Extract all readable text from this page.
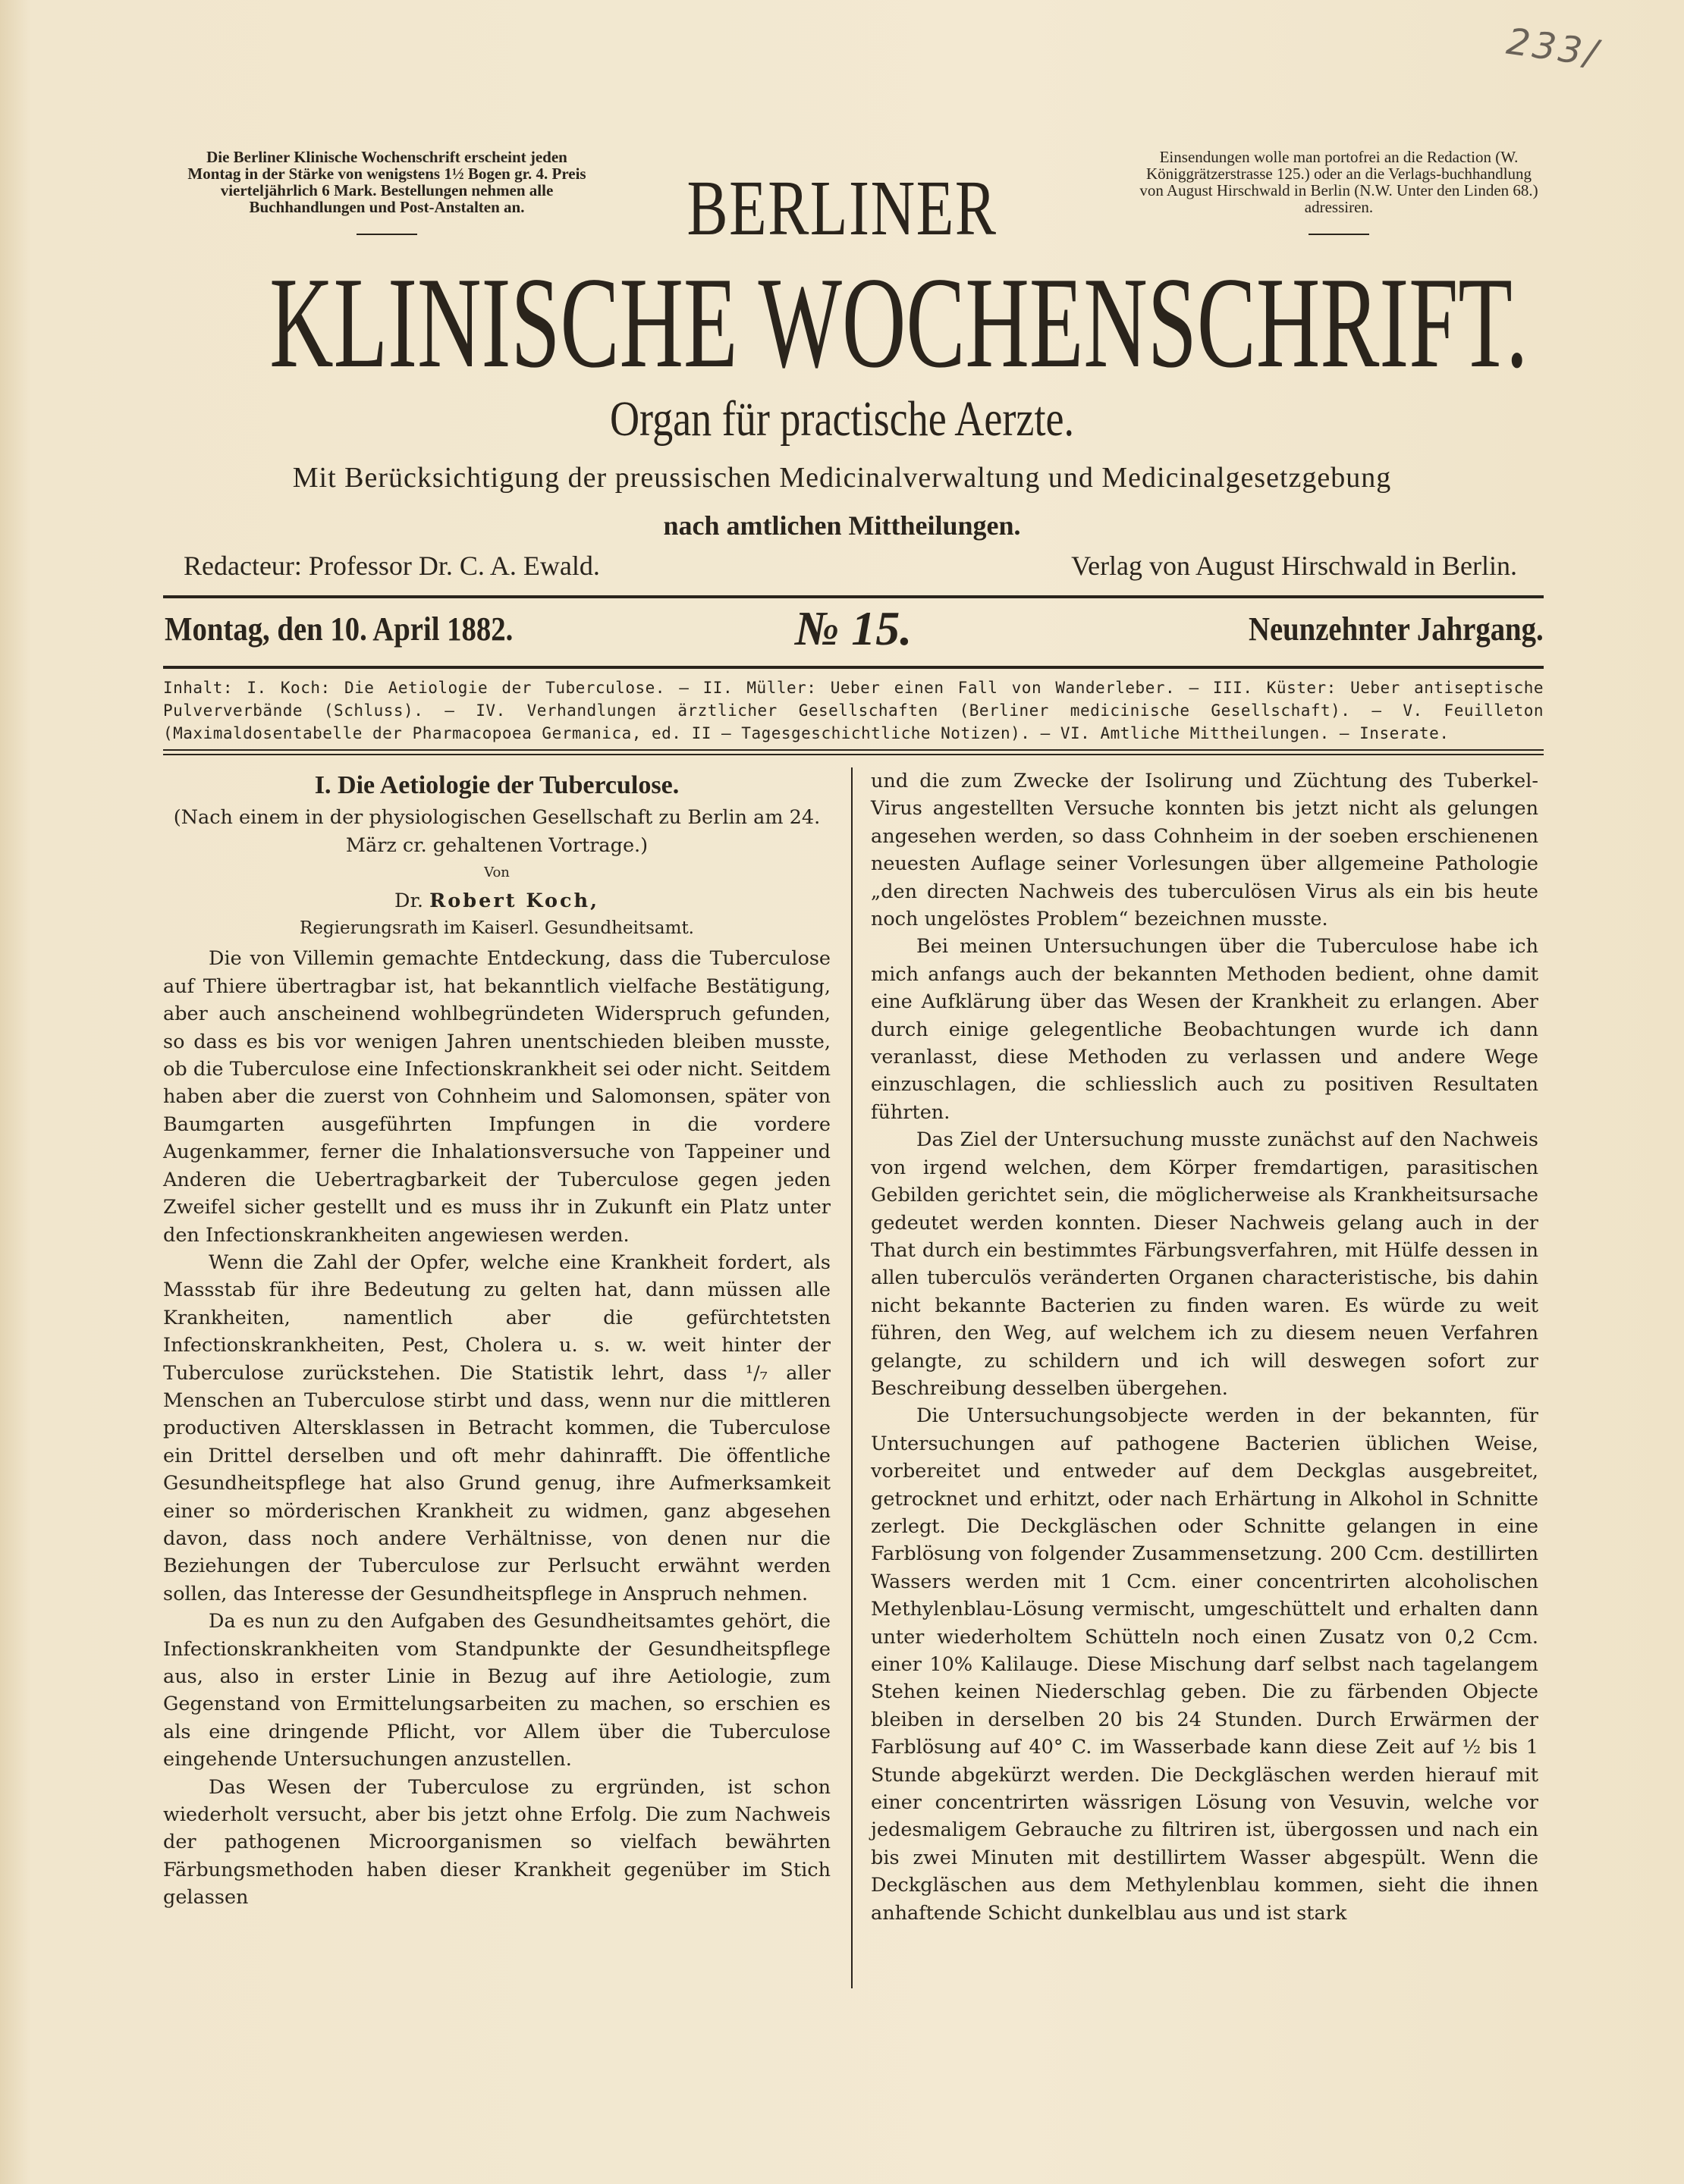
233/
Die Berliner Klinische Wochenschrift erscheint jeden Montag in der Stärke von wenigstens 1½ Bogen gr. 4. Preis vierteljährlich 6 Mark. Bestellungen nehmen alle Buchhandlungen und Post-Anstalten an.
Einsendungen wolle man portofrei an die Redaction (W. Königgrätzerstrasse 125.) oder an die Verlags-buchhandlung von August Hirschwald in Berlin (N.W. Unter den Linden 68.) adressiren.
BERLINER
KLINISCHE WOCHENSCHRIFT.
Organ für practische Aerzte.
Mit Berücksichtigung der preussischen Medicinalverwaltung und Medicinalgesetzgebung
nach amtlichen Mittheilungen.
Redacteur: Professor Dr. C. A. Ewald.	Verlag von August Hirschwald in Berlin.
Montag, den 10. April 1882.	№ 15.	Neunzehnter Jahrgang.
Inhalt: I. Koch: Die Aetiologie der Tuberculose. — II. Müller: Ueber einen Fall von Wanderleber. — III. Küster: Ueber antiseptische Pulververbände (Schluss). — IV. Verhandlungen ärztlicher Gesellschaften (Berliner medicinische Gesellschaft). — V. Feuilleton (Maximaldosentabelle der Pharmacopoea Germanica, ed. II — Tagesgeschichtliche Notizen). — VI. Amtliche Mittheilungen. — Inserate.
I. Die Aetiologie der Tuberculose.

(Nach einem in der physiologischen Gesellschaft zu Berlin am 24. März cr. gehaltenen Vortrage.)

Von

Dr. Robert Koch,

Regierungsrath im Kaiserl. Gesundheitsamt.

Die von Villemin gemachte Entdeckung, dass die Tuberculose auf Thiere übertragbar ist, hat bekanntlich vielfache Bestätigung, aber auch anscheinend wohlbegründeten Widerspruch gefunden, so dass es bis vor wenigen Jahren unentschieden bleiben musste, ob die Tuberculose eine Infectionskrankheit sei oder nicht. Seitdem haben aber die zuerst von Cohnheim und Salomonsen, später von Baumgarten ausgeführten Impfungen in die vordere Augenkammer, ferner die Inhalationsversuche von Tappeiner und Anderen die Uebertragbarkeit der Tuberculose gegen jeden Zweifel sicher gestellt und es muss ihr in Zukunft ein Platz unter den Infectionskrankheiten angewiesen werden.

Wenn die Zahl der Opfer, welche eine Krankheit fordert, als Massstab für ihre Bedeutung zu gelten hat, dann müssen alle Krankheiten, namentlich aber die gefürchtetsten Infectionskrankheiten, Pest, Cholera u. s. w. weit hinter der Tuberculose zurückstehen. Die Statistik lehrt, dass ¹/₇ aller Menschen an Tuberculose stirbt und dass, wenn nur die mittleren productiven Altersklassen in Betracht kommen, die Tuberculose ein Drittel derselben und oft mehr dahinrafft. Die öffentliche Gesundheitspflege hat also Grund genug, ihre Aufmerksamkeit einer so mörderischen Krankheit zu widmen, ganz abgesehen davon, dass noch andere Verhältnisse, von denen nur die Beziehungen der Tuberculose zur Perlsucht erwähnt werden sollen, das Interesse der Gesundheitspflege in Anspruch nehmen.

Da es nun zu den Aufgaben des Gesundheitsamtes gehört, die Infectionskrankheiten vom Standpunkte der Gesundheitspflege aus, also in erster Linie in Bezug auf ihre Aetiologie, zum Gegenstand von Ermittelungsarbeiten zu machen, so erschien es als eine dringende Pflicht, vor Allem über die Tuberculose eingehende Untersuchungen anzustellen.

Das Wesen der Tuberculose zu ergründen, ist schon wiederholt versucht, aber bis jetzt ohne Erfolg. Die zum Nachweis der pathogenen Microorganismen so vielfach bewährten Färbungsmethoden haben dieser Krankheit gegenüber im Stich gelassen

und die zum Zwecke der Isolirung und Züchtung des Tuberkel-Virus angestellten Versuche konnten bis jetzt nicht als gelungen angesehen werden, so dass Cohnheim in der soeben erschienenen neuesten Auflage seiner Vorlesungen über allgemeine Pathologie „den directen Nachweis des tuberculösen Virus als ein bis heute noch ungelöstes Problem“ bezeichnen musste.

Bei meinen Untersuchungen über die Tuberculose habe ich mich anfangs auch der bekannten Methoden bedient, ohne damit eine Aufklärung über das Wesen der Krankheit zu erlangen. Aber durch einige gelegentliche Beobachtungen wurde ich dann veranlasst, diese Methoden zu verlassen und andere Wege einzuschlagen, die schliesslich auch zu positiven Resultaten führten.

Das Ziel der Untersuchung musste zunächst auf den Nachweis von irgend welchen, dem Körper fremdartigen, parasitischen Gebilden gerichtet sein, die möglicherweise als Krankheitsursache gedeutet werden konnten. Dieser Nachweis gelang auch in der That durch ein bestimmtes Färbungsverfahren, mit Hülfe dessen in allen tuberculös veränderten Organen characteristische, bis dahin nicht bekannte Bacterien zu finden waren. Es würde zu weit führen, den Weg, auf welchem ich zu diesem neuen Verfahren gelangte, zu schildern und ich will deswegen sofort zur Beschreibung desselben übergehen.

Die Untersuchungsobjecte werden in der bekannten, für Untersuchungen auf pathogene Bacterien üblichen Weise, vorbereitet und entweder auf dem Deckglas ausgebreitet, getrocknet und erhitzt, oder nach Erhärtung in Alkohol in Schnitte zerlegt. Die Deckgläschen oder Schnitte gelangen in eine Farblösung von folgender Zusammensetzung. 200 Ccm. destillirten Wassers werden mit 1 Ccm. einer concentrirten alcoholischen Methylenblau-Lösung vermischt, umgeschüttelt und erhalten dann unter wiederholtem Schütteln noch einen Zusatz von 0,2 Ccm. einer 10% Kalilauge. Diese Mischung darf selbst nach tagelangem Stehen keinen Niederschlag geben. Die zu färbenden Objecte bleiben in derselben 20 bis 24 Stunden. Durch Erwärmen der Farblösung auf 40° C. im Wasserbade kann diese Zeit auf ½ bis 1 Stunde abgekürzt werden. Die Deckgläschen werden hierauf mit einer concentrirten wässrigen Lösung von Vesuvin, welche vor jedesmaligem Gebrauche zu filtriren ist, übergossen und nach ein bis zwei Minuten mit destillirtem Wasser abgespült. Wenn die Deckgläschen aus dem Methylenblau kommen, sieht die ihnen anhaftende Schicht dunkelblau aus und ist stark
